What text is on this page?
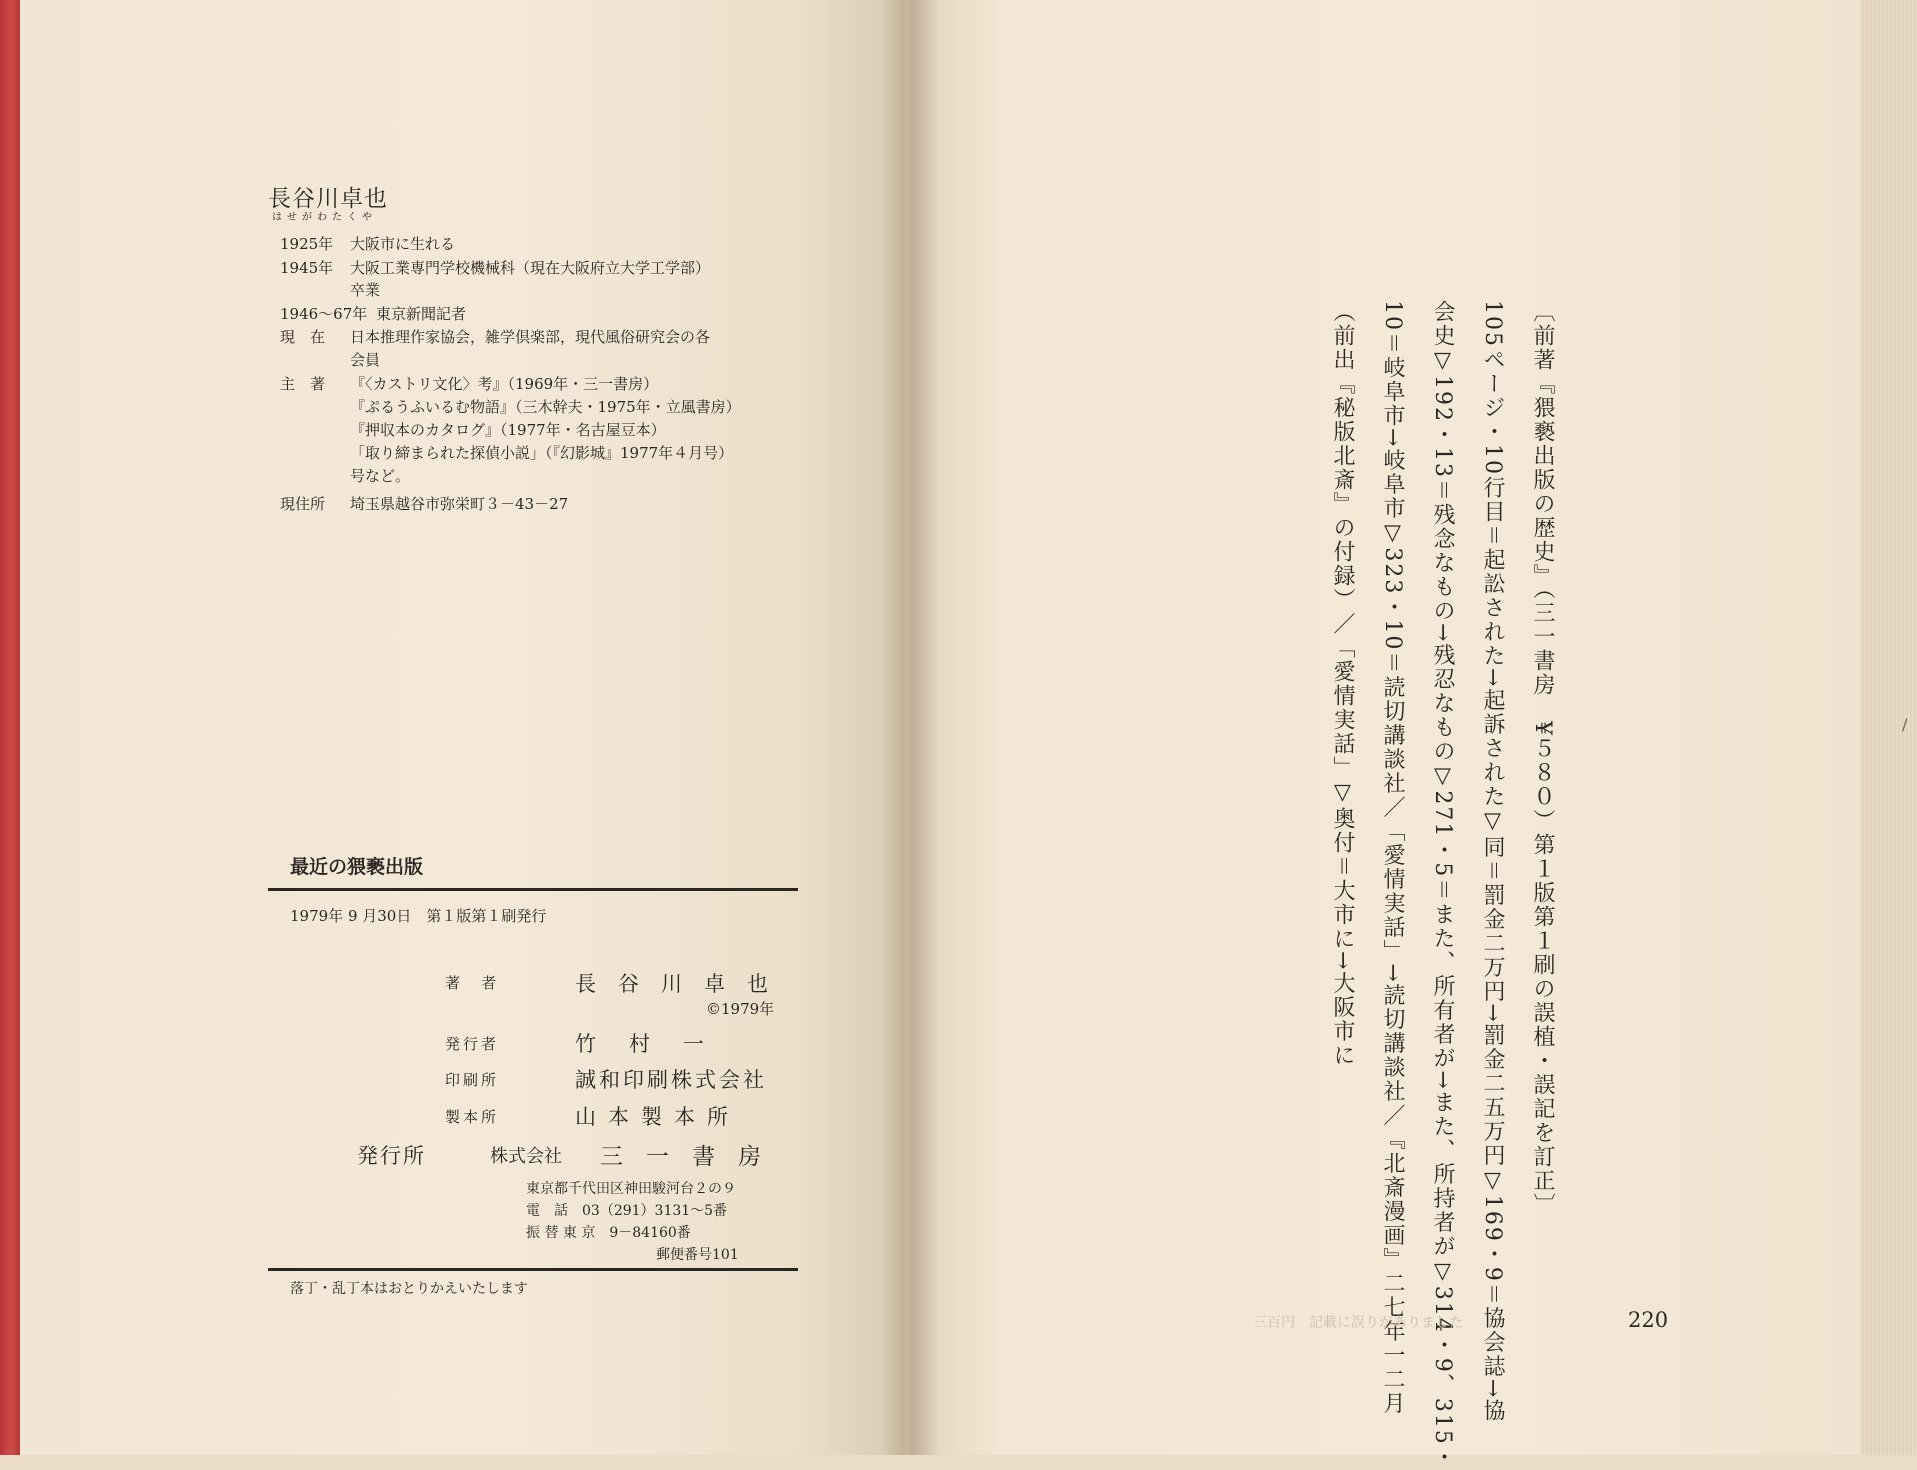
長谷川卓也
はせがわたくや
1925年 大阪市に生れる
1945年 大阪工業専門学校機械科（現在大阪府立大学工学部）
卒業
1946～67年 東京新聞記者
現　在 日本推理作家協会，雑学倶楽部，現代風俗研究会の各
会員
主　著 『〈カストリ文化〉考』（1969年・三一書房）
『ぷるうふいるむ物語』（三木幹夫・1975年・立風書房）
『押収本のカタログ』（1977年・名古屋豆本）
「取り締まられた探偵小説」（『幻影城』1977年４月号）
号など。
現住所 埼玉県越谷市弥栄町３－43－27
最近の猥褻出版
1979年 9 月30日　第１版第１刷発行
著　者	長谷川卓也
©1979年
発行者	竹　村　一
印刷所	誠和印刷株式会社
製本所	山本製本所
発行所	株式会社 三　一　書　房
東京都千代田区神田駿河台２の９
電　話　03（291）3131～5番
振 替 東 京　9－84160番
郵便番号101
落丁・乱丁本はおとりかえいたします
〔前著『猥褻出版の歴史』（三一書房　¥５８０）第１版第１刷の誤植・誤記を訂正〕
105ページ・10行目＝起訟された→起訴された▽同＝罰金二万円→罰金二五万円▽169・9＝協会誌→協
会史▽192・13＝残念なもの→残忍なもの▽271・5＝また、所有者が→また、所持者が▽314・9、315・
10＝岐阜市→岐阜市▽323・10＝読切講談社／「愛情実話」→読切講談社／『北斎漫画』二七年一二月
（前出『秘版北斎』の付録）／「愛情実話」▽奥付＝大市に→大阪市に
三百円　記載に誤りがありました	220
/
